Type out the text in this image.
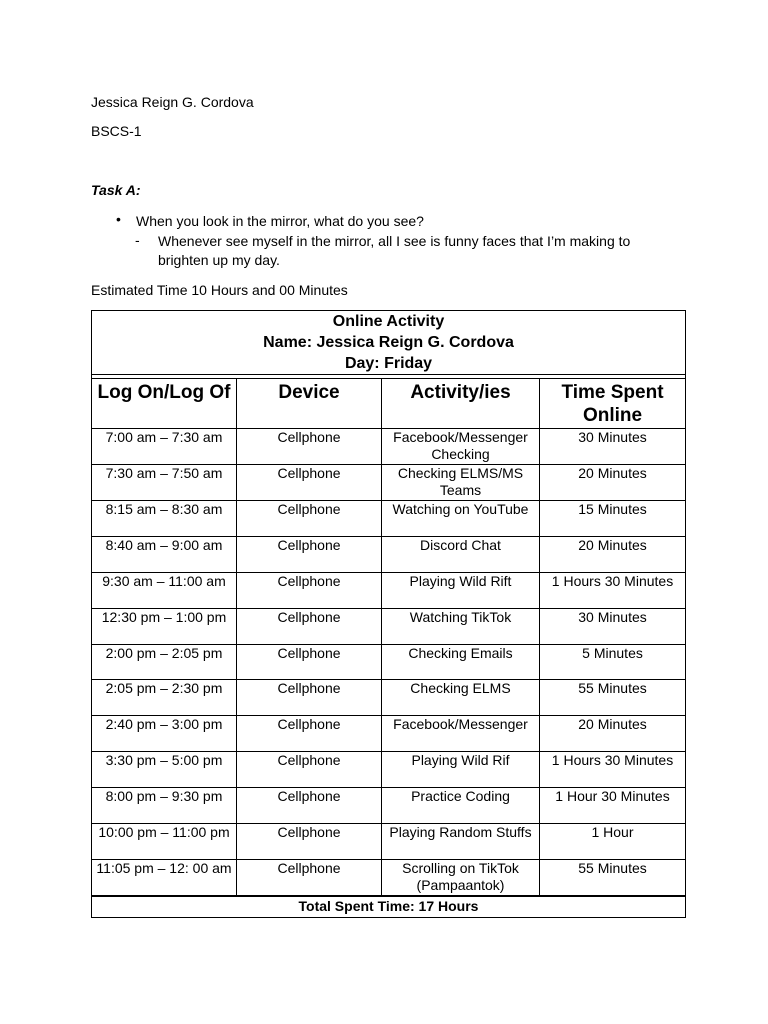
Jessica Reign G. Cordova
BSCS-1
Task A:
• When you look in the mirror, what do you see?
- Whenever see myself in the mirror, all I see is funny faces that I’m making to brighten up my day.
Estimated Time 10 Hours and 00 Minutes
Online Activity
Name: Jessica Reign G. Cordova
Day: Friday			

Log On/Log Of	Device	Activity/ies	Time Spent Online
7:00 am – 7:30 am	Cellphone	Facebook/Messenger Checking	30 Minutes
7:30 am – 7:50 am	Cellphone	Checking ELMS/MS Teams	20 Minutes
8:15 am – 8:30 am	Cellphone	Watching on YouTube	15 Minutes
8:40 am – 9:00 am	Cellphone	Discord Chat	20 Minutes
9:30 am – 11:00 am	Cellphone	Playing Wild Rift	1 Hours 30 Minutes
12:30 pm – 1:00 pm	Cellphone	Watching TikTok	30 Minutes
2:00 pm – 2:05 pm	Cellphone	Checking Emails	5 Minutes
2:05 pm – 2:30 pm	Cellphone	Checking ELMS	55 Minutes
2:40 pm – 3:00 pm	Cellphone	Facebook/Messenger	20 Minutes
3:30 pm – 5:00 pm	Cellphone	Playing Wild Rif	1 Hours 30 Minutes
8:00 pm – 9:30 pm	Cellphone	Practice Coding	1 Hour 30 Minutes
10:00 pm – 11:00 pm	Cellphone	Playing Random Stuffs	1 Hour
11:05 pm – 12: 00 am	Cellphone	Scrolling on TikTok (Pampaantok)	55 Minutes
Total Spent Time: 17 Hours			
